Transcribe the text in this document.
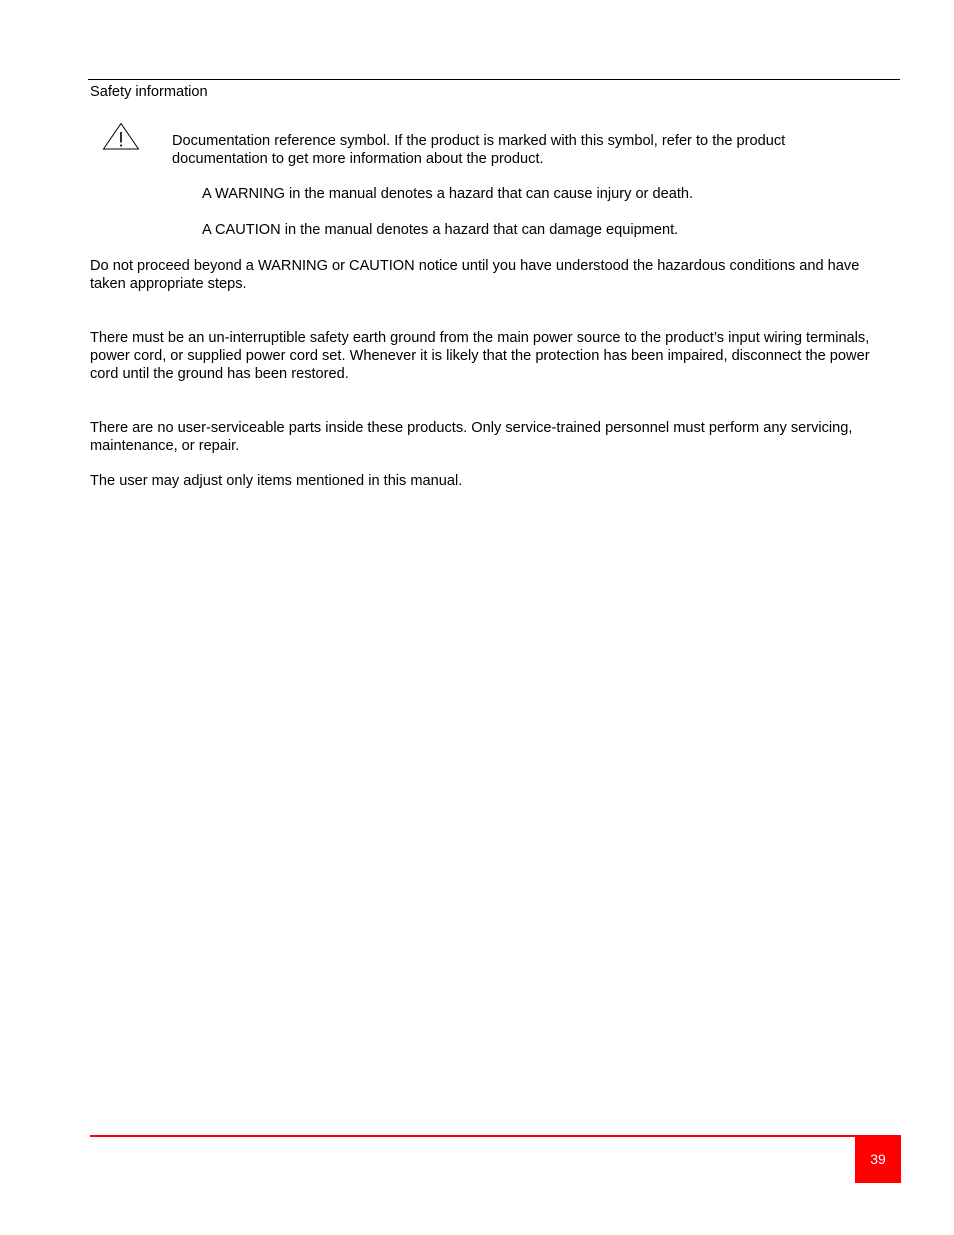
Safety information

Documentation reference symbol. If the product is marked with this symbol, refer to the product documentation to get more information about the product.

A WARNING in the manual denotes a hazard that can cause injury or death.

A CAUTION in the manual denotes a hazard that can damage equipment.

Do not proceed beyond a WARNING or CAUTION notice until you have understood the hazardous conditions and have taken appropriate steps.

There must be an un-interruptible safety earth ground from the main power source to the product’s input wiring terminals, power cord, or supplied power cord set. Whenever it is likely that the protection has been impaired, disconnect the power cord until the ground has been restored.

There are no user-serviceable parts inside these products. Only service-trained personnel must perform any servicing, maintenance, or repair.

The user may adjust only items mentioned in this manual.

39
